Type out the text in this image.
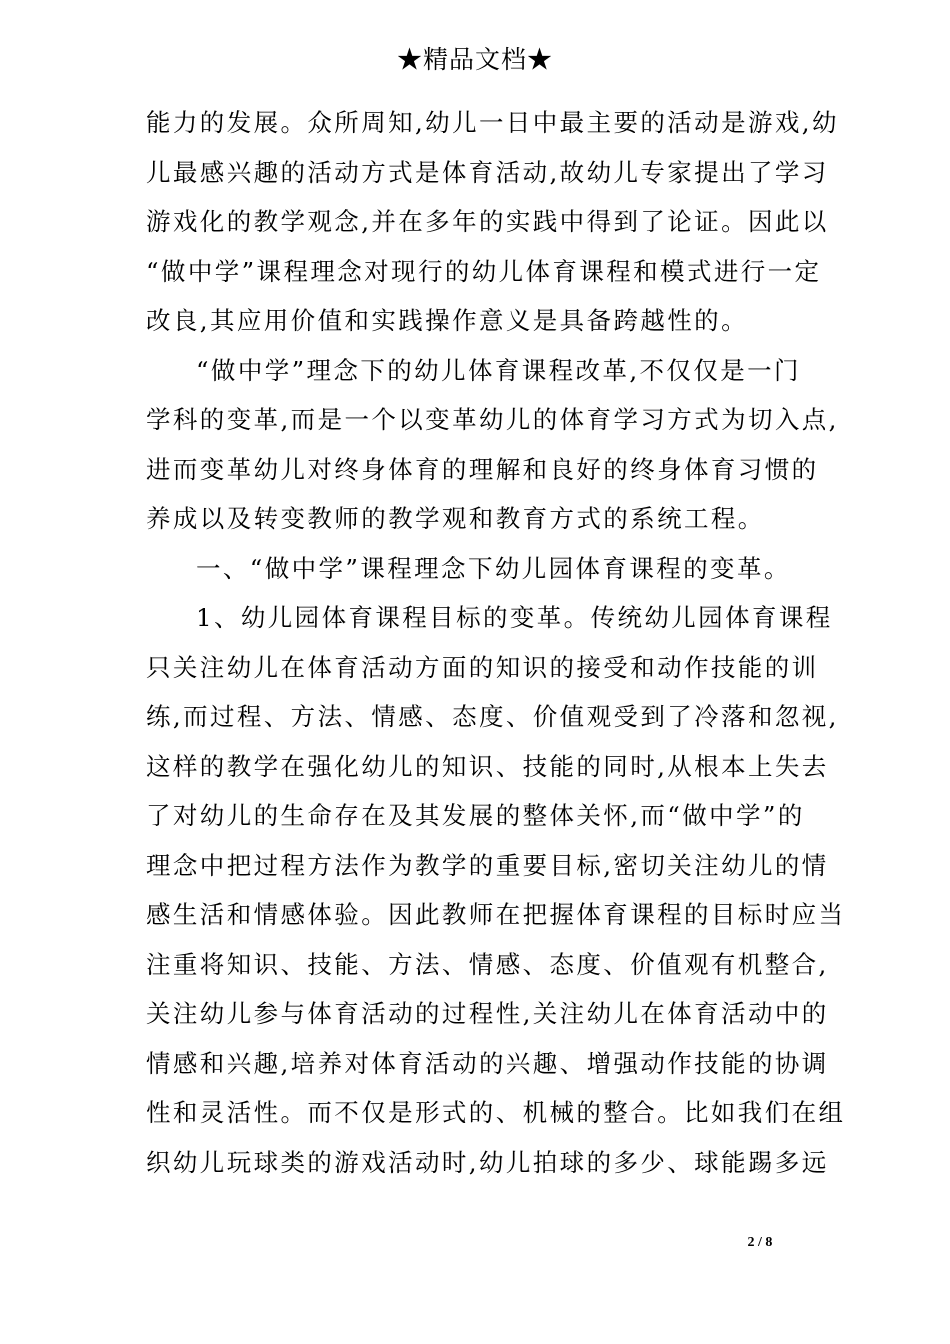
★精品文档★
能力的发展。众所周知,幼儿一日中最主要的活动是游戏,幼
儿最感兴趣的活动方式是体育活动,故幼儿专家提出了学习
游戏化的教学观念,并在多年的实践中得到了论证。因此以
“做中学”课程理念对现行的幼儿体育课程和模式进行一定
改良,其应用价值和实践操作意义是具备跨越性的。
“做中学”理念下的幼儿体育课程改革,不仅仅是一门
学科的变革,而是一个以变革幼儿的体育学习方式为切入点,
进而变革幼儿对终身体育的理解和良好的终身体育习惯的
养成以及转变教师的教学观和教育方式的系统工程。
一、“做中学”课程理念下幼儿园体育课程的变革。
1、幼儿园体育课程目标的变革。传统幼儿园体育课程
只关注幼儿在体育活动方面的知识的接受和动作技能的训
练,而过程、方法、情感、态度、价值观受到了冷落和忽视,
这样的教学在强化幼儿的知识、技能的同时,从根本上失去
了对幼儿的生命存在及其发展的整体关怀,而“做中学”的
理念中把过程方法作为教学的重要目标,密切关注幼儿的情
感生活和情感体验。因此教师在把握体育课程的目标时应当
注重将知识、技能、方法、情感、态度、价值观有机整合,
关注幼儿参与体育活动的过程性,关注幼儿在体育活动中的
情感和兴趣,培养对体育活动的兴趣、增强动作技能的协调
性和灵活性。而不仅是形式的、机械的整合。比如我们在组
织幼儿玩球类的游戏活动时,幼儿拍球的多少、球能踢多远
2 / 8
